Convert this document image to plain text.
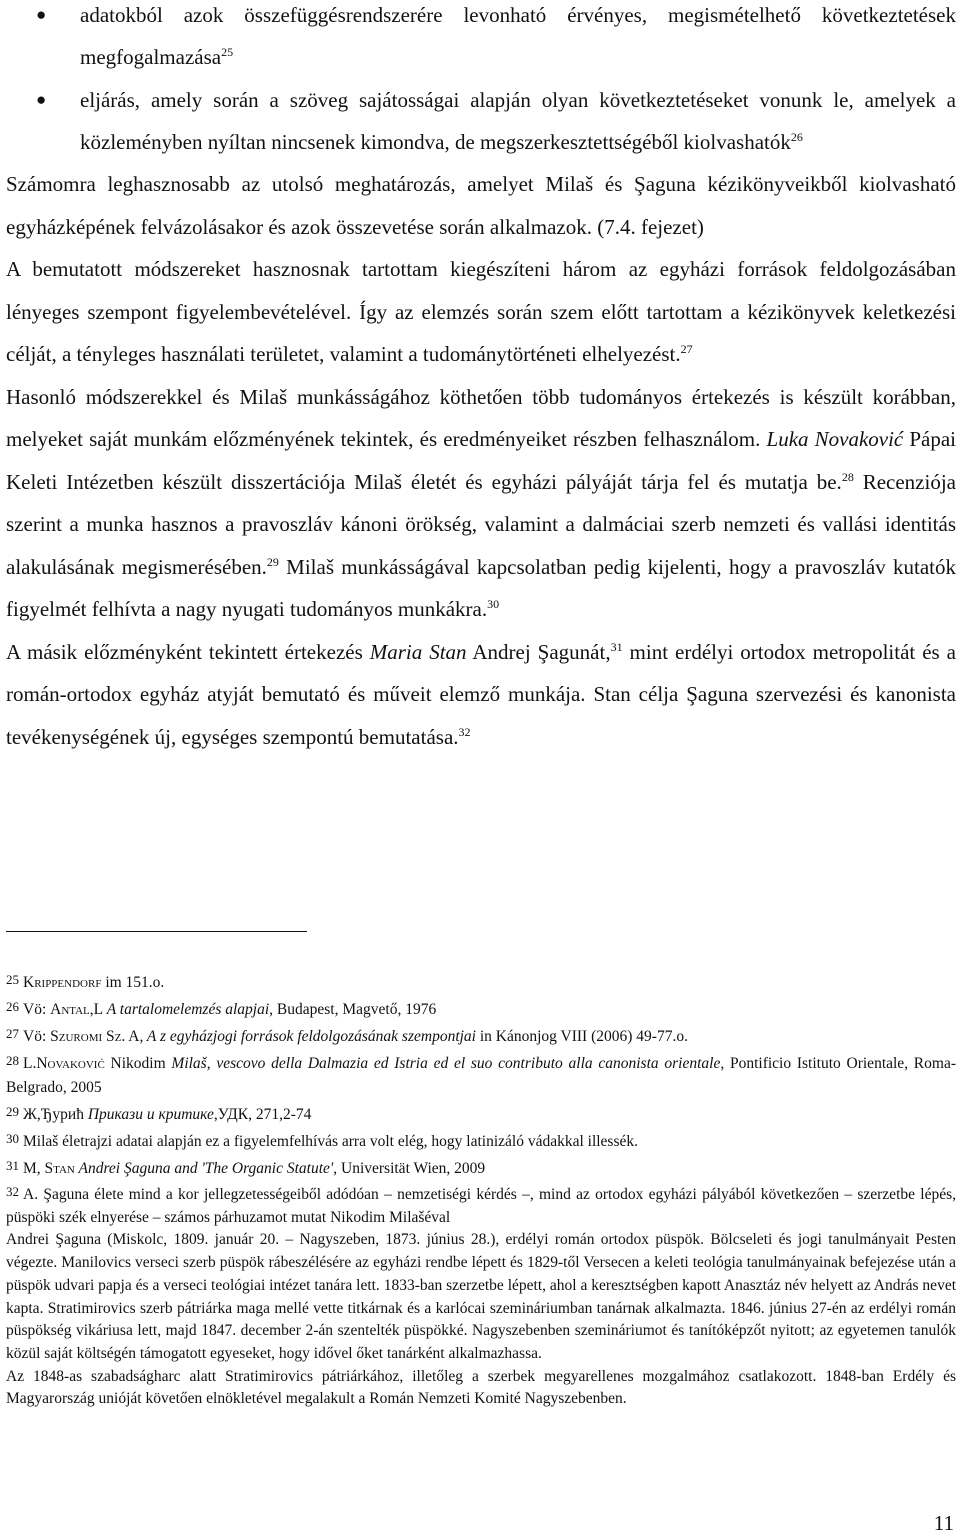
● adatokból azok összefüggésrendszerére levonható érvényes, megismételhető következtetések megfogalmazása$^{25}$
● eljárás, amely során a szöveg sajátosságai alapján olyan következtetéseket vonunk le, amelyek a közleményben nyíltan nincsenek kimondva, de megszerkesztettségéből kiolvashatók$^{26}$

Számomra leghasznosabb az utolsó meghatározás, amelyet Milaš és Şaguna kézikönyveikből kiolvasható egyházképének felvázolásakor és azok összevetése során alkalmazok. (7.4. fejezet)

A bemutatott módszereket hasznosnak tartottam kiegészíteni három az egyházi források feldolgozásában lényeges szempont figyelembevételével. Így az elemzés során szem előtt tartottam a kézikönyvek keletkezési célját, a tényleges használati területet, valamint a tudománytörténeti elhelyezést.$^{27}$

Hasonló módszerekkel és Milaš munkásságához köthetően több tudományos értekezés is készült korábban, melyeket saját munkám előzményének tekintek, és eredményeiket részben felhasználom. Luka Novaković Pápai Keleti Intézetben készült disszertációja Milaš életét és egyházi pályáját tárja fel és mutatja be.$^{28}$ Recenziója szerint a munka hasznos a pravoszláv kánoni örökség, valamint a dalmáciai szerb nemzeti és vallási identitás alakulásának megismerésében.$^{29}$ Milaš munkásságával kapcsolatban pedig kijelenti, hogy a pravoszláv kutatók figyelmét felhívta a nagy nyugati tudományos munkákra.$^{30}$

A másik előzményként tekintett értekezés Maria Stan Andrej Şagunát,$^{31}$ mint erdélyi ortodox metropolitát és a román-ortodox egyház atyját bemutató és műveit elemző munkája. Stan célja Şaguna szervezési és kanonista tevékenységének új, egységes szempontú bemutatása.$^{32}$

25 Krippendorf im 151.o.

26 Vö: Antal,L A tartalomelemzés alapjai, Budapest, Magvető, 1976

27 Vö: Szuromi Sz. A, A z egyházjogi források feldolgozásának szempontjai in Kánonjog VIII (2006) 49-77.o.

28 L.Novaković Nikodim Milaš, vescovo della Dalmazia ed Istria ed el suo contributo alla canonista orientale, Pontificio Istituto Orientale, Roma-Belgrado, 2005

29 Ж,Ђурић Прикази и критике,УДК, 271,2-74

30 Milaš életrajzi adatai alapján ez a figyelemfelhívás arra volt elég, hogy latinizáló vádakkal illessék.

31 M, Stan Andrei Şaguna and 'The Organic Statute', Universität Wien, 2009

32 A. Şaguna élete mind a kor jellegzetességeiből adódóan – nemzetiségi kérdés –, mind az ortodox egyházi pályából következően – szerzetbe lépés, püspöki szék elnyerése – számos párhuzamot mutat Nikodim Milašéval

Andrei Şaguna (Miskolc, 1809. január 20. – Nagyszeben, 1873. június 28.), erdélyi román ortodox püspök. Bölcseleti és jogi tanulmányait Pesten végezte. Manilovics verseci szerb püspök rábeszélésére az egyházi rendbe lépett és 1829-től Versecen a keleti teológia tanulmányainak befejezése után a püspök udvari papja és a verseci teológiai intézet tanára lett. 1833-ban szerzetbe lépett, ahol a keresztségben kapott Anasztáz név helyett az András nevet kapta. Stratimirovics szerb pátriárka maga mellé vette titkárnak és a karlócai szemináriumban tanárnak alkalmazta. 1846. június 27-én az erdélyi román püspökség vikáriusa lett, majd 1847. december 2-án szentelték püspökké. Nagyszebenben szemináriumot és tanítóképzőt nyitott; az egyetemen tanulók közül saját költségén támogatott egyeseket, hogy idővel őket tanárként alkalmazhassa.

Az 1848-as szabadságharc alatt Stratimirovics pátriárkához, illetőleg a szerbek megyarellenes mozgalmához csatlakozott. 1848-ban Erdély és Magyarország unióját követően elnökletével megalakult a Román Nemzeti Komité Nagyszebenben.

11
